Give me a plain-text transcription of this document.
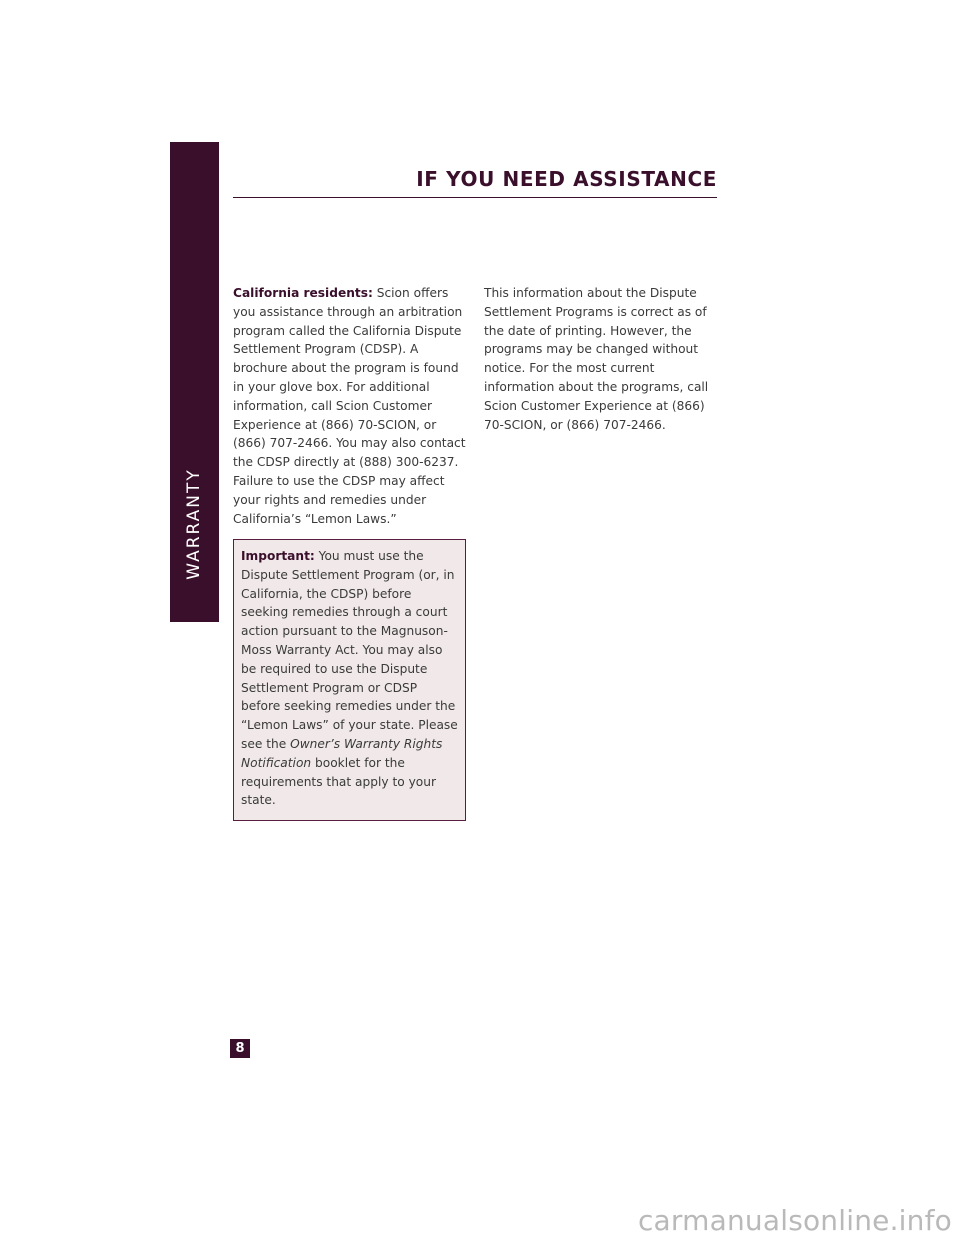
WARRANTY
IF YOU NEED ASSISTANCE
California residents: Scion offers you assistance through an arbitration program called the California Dispute Settlement Program (CDSP). A brochure about the program is found in your glove box. For additional information, call Scion Customer Experience at (866) 70-SCION, or (866) 707-2466. You may also contact the CDSP directly at (888) 300-6237. Failure to use the CDSP may affect your rights and remedies under California’s “Lemon Laws.”
Important: You must use the Dispute Settlement Program (or, in California, the CDSP) before seeking remedies through a court action pursuant to the Magnuson-Moss Warranty Act. You may also be required to use the Dispute Settlement Program or CDSP before seeking remedies under the “Lemon Laws” of your state. Please see the Owner’s Warranty Rights Notification booklet for the requirements that apply to your state.
This information about the Dispute Settlement Programs is correct as of the date of printing. However, the programs may be changed without notice. For the most current information about the programs, call Scion Customer Experience at (866) 70-SCION, or (866) 707-2466.
8
carmanualsonline.info
